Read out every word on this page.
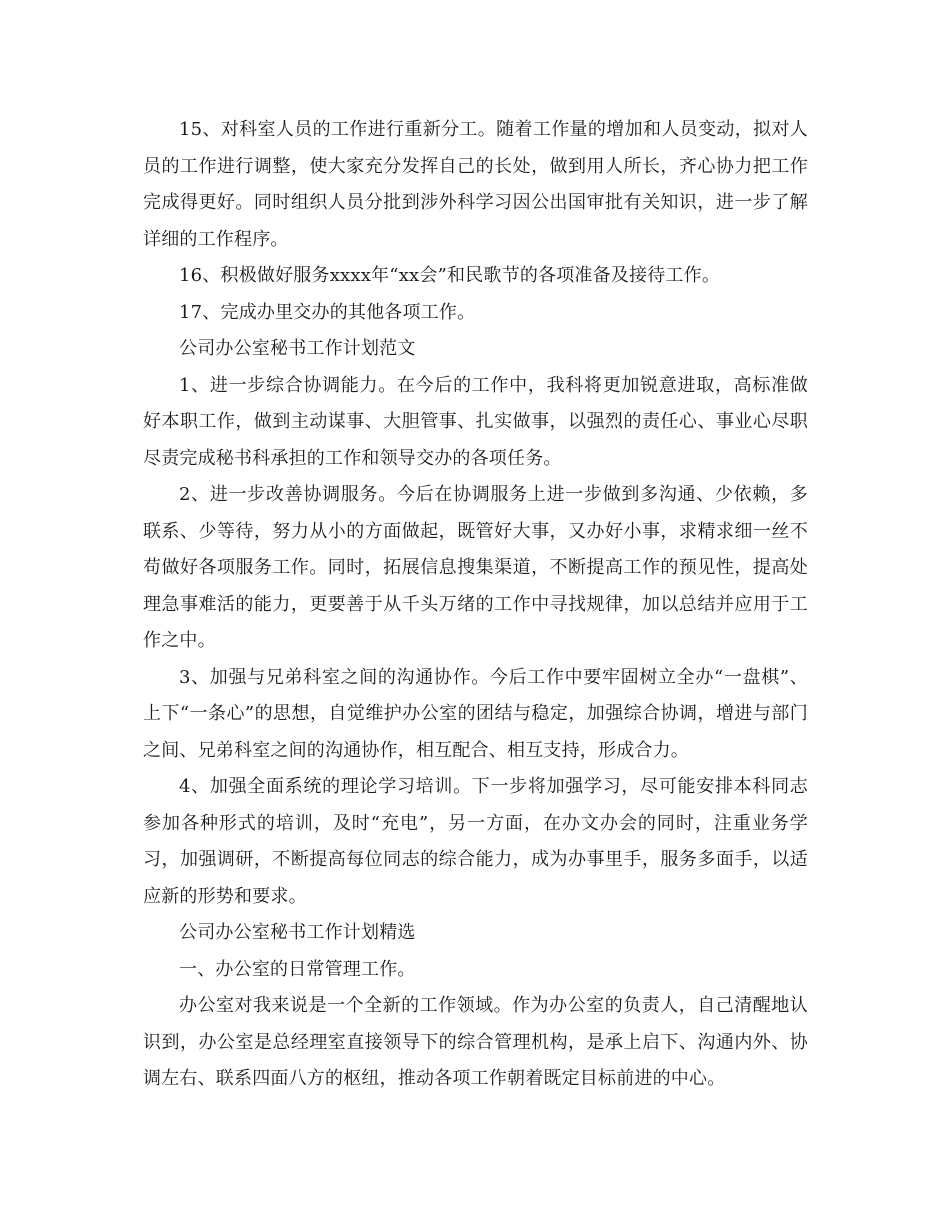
15、对科室人员的工作进行重新分工。随着工作量的增加和人员变动，拟对人员的工作进行调整，使大家充分发挥自己的长处，做到用人所长，齐心协力把工作完成得更好。同时组织人员分批到涉外科学习因公出国审批有关知识，进一步了解详细的工作程序。

16、积极做好服务xxxx年“xx会”和民歌节的各项准备及接待工作。

17、完成办里交办的其他各项工作。

公司办公室秘书工作计划范文

1、进一步综合协调能力。在今后的工作中，我科将更加锐意进取，高标准做好本职工作，做到主动谋事、大胆管事、扎实做事，以强烈的责任心、事业心尽职尽责完成秘书科承担的工作和领导交办的各项任务。

2、进一步改善协调服务。今后在协调服务上进一步做到多沟通、少依赖，多联系、少等待，努力从小的方面做起，既管好大事，又办好小事，求精求细一丝不苟做好各项服务工作。同时，拓展信息搜集渠道，不断提高工作的预见性，提高处理急事难活的能力，更要善于从千头万绪的工作中寻找规律，加以总结并应用于工作之中。

3、加强与兄弟科室之间的沟通协作。今后工作中要牢固树立全办“一盘棋”、上下“一条心”的思想，自觉维护办公室的团结与稳定，加强综合协调，增进与部门之间、兄弟科室之间的沟通协作，相互配合、相互支持，形成合力。

4、加强全面系统的理论学习培训。下一步将加强学习，尽可能安排本科同志参加各种形式的培训，及时“充电”，另一方面，在办文办会的同时，注重业务学习，加强调研，不断提高每位同志的综合能力，成为办事里手，服务多面手，以适应新的形势和要求。

公司办公室秘书工作计划精选

一、办公室的日常管理工作。

办公室对我来说是一个全新的工作领域。作为办公室的负责人，自己清醒地认识到，办公室是总经理室直接领导下的综合管理机构，是承上启下、沟通内外、协调左右、联系四面八方的枢纽，推动各项工作朝着既定目标前进的中心。
